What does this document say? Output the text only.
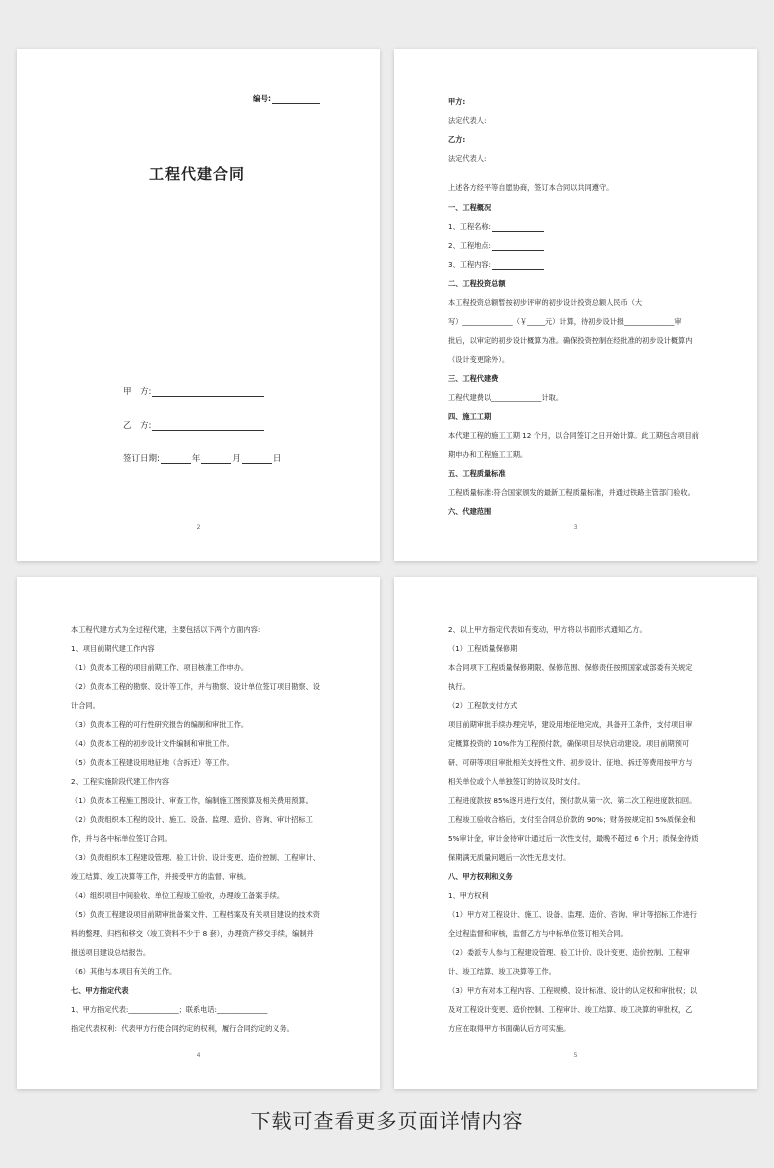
编号:
工程代建合同
甲　方:
乙　方:
签订日期:	年	月	日
2
甲方:
法定代表人:
乙方:
法定代表人:
上述各方经平等自愿协商，签订本合同以共同遵守。
一、工程概况
1、工程名称:
2、工程地点:
3、工程内容:
二、工程投资总额
本工程投资总额暂按初步评审的初步设计投资总额人民币（大
写）______________（￥_____元）计算，待初步设计报______________审
批后，以审定的初步设计概算为准。确保投资控制在经批准的初步设计概算内
（设计变更除外）。
三、工程代建费
工程代建费以______________计取。
四、施工工期
本代建工程的施工工期 12 个月，以合同签订之日开始计算。此工期包含项目前
期申办和工程施工工期。
五、工程质量标准
工程质量标准:符合国家颁发的最新工程质量标准，并通过铁路主管部门验收。
六、代建范围
3
本工程代建方式为全过程代建，主要包括以下两个方面内容:
1、项目前期代建工作内容
（1）负责本工程的项目前期工作、项目核准工作申办。
（2）负责本工程的勘察、设计等工作，并与勘察、设计单位签订项目勘察、设
计合同。
（3）负责本工程的可行性研究报告的编制和审批工作。
（4）负责本工程的初步设计文件编制和审批工作。
（5）负责本工程建设用地征地（含拆迁）等工作。
2、工程实施阶段代建工作内容
（1）负责本工程施工图设计、审查工作，编制施工图预算及相关费用预算。
（2）负责组织本工程的设计、施工、设备、监理、造价、咨询、审计招标工
作，并与各中标单位签订合同。
（3）负责组织本工程建设管理、验工计价、设计变更、造价控制、工程审计、
竣工结算、竣工决算等工作，并接受甲方的监督、审核。
（4）组织项目中间验收、单位工程竣工验收，办理竣工备案手续。
（5）负责工程建设项目前期审批备案文件、工程档案及有关项目建设的技术资
料的整理、归档和移交（竣工资料不少于 8 套），办理资产移交手续，编制并
报送项目建设总结报告。
（6）其他与本项目有关的工作。
七、甲方指定代表
1、甲方指定代表:______________；联系电话:______________
指定代表权利：代表甲方行使合同约定的权利，履行合同约定的义务。
4
2、以上甲方指定代表如有变动，甲方将以书面形式通知乙方。
（1）工程质量保修期
本合同项下工程质量保修期限、保修范围、保修责任按照国家或部委有关规定
执行。
（2）工程款支付方式
项目前期审批手续办理完毕，建设用地征地完成，具备开工条件，支付项目审
定概算投资的 10%作为工程预付款，确保项目尽快启动建设。项目前期预可
研、可研等项目审批相关支持性文件、初步设计、征地、拆迁等费用按甲方与
相关单位或个人单独签订的协议及时支付。
工程进度款按 85%逐月进行支付，预付款从第一次、第二次工程进度款扣回。
工程竣工验收合格后，支付至合同总价款的 90%；财务按规定扣 5%质保金和
5%审计金，审计金待审计通过后一次性支付，最晚不超过 6 个月；质保金待质
保期满无质量问题后一次性无息支付。
八、甲方权利和义务
1、甲方权利
（1）甲方对工程设计、施工、设备、监理、造价、咨询、审计等招标工作进行
全过程监督和审核，监督乙方与中标单位签订相关合同。
（2）委派专人参与工程建设管理、验工计价、设计变更、造价控制、工程审
计、竣工结算、竣工决算等工作。
（3）甲方有对本工程内容、工程规模、设计标准、设计的认定权和审批权；以
及对工程设计变更、造价控制、工程审计、竣工结算、竣工决算的审批权，乙
方应在取得甲方书面确认后方可实施。
5
下载可查看更多页面详情内容
